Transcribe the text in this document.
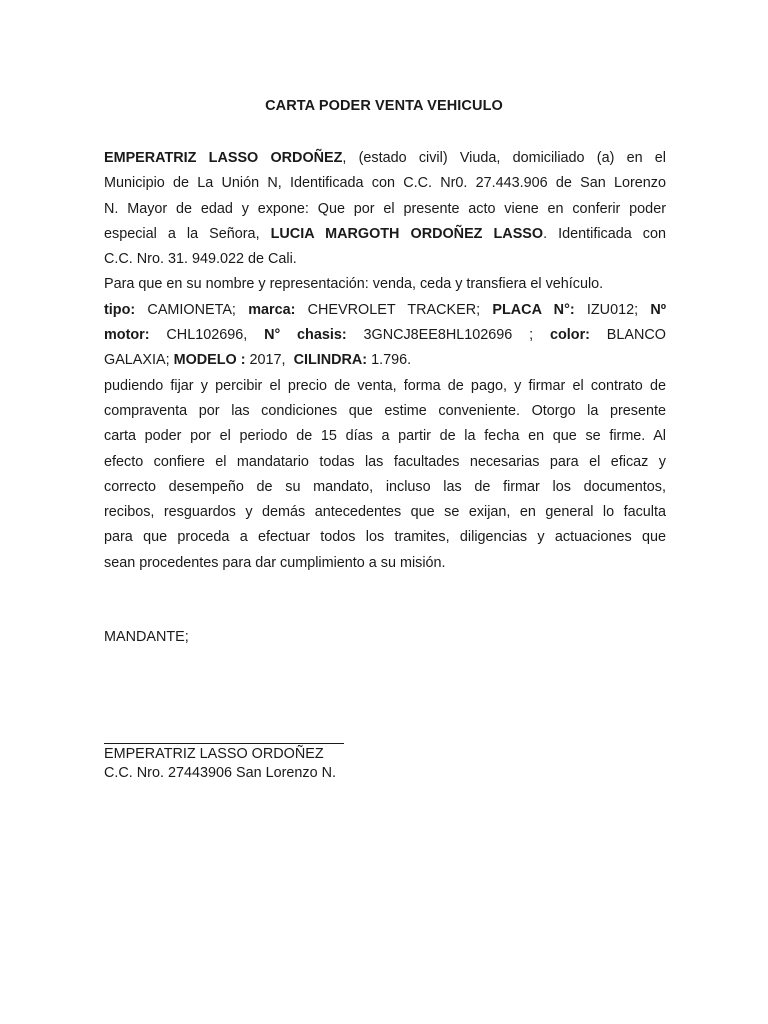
CARTA PODER VENTA VEHICULO
EMPERATRIZ LASSO ORDOÑEZ, (estado civil) Viuda, domiciliado (a) en el
Municipio de La Unión N, Identificada con C.C. Nr0. 27.443.906 de San Lorenzo
N. Mayor de edad y expone: Que por el presente acto viene en conferir poder
especial a la Señora, LUCIA MARGOTH ORDOÑEZ LASSO. Identificada con
C.C. Nro. 31. 949.022 de Cali.
Para que en su nombre y representación: venda, ceda y transfiera el vehículo.
tipo: CAMIONETA; marca: CHEVROLET TRACKER; PLACA N°: IZU012; Nº
motor: CHL102696, N° chasis: 3GNCJ8EE8HL102696 ; color: BLANCO
GALAXIA; MODELO : 2017,  CILINDRA: 1.796.
pudiendo fijar y percibir el precio de venta, forma de pago, y firmar el contrato de
compraventa por las condiciones que estime conveniente. Otorgo la presente
carta poder por el periodo de 15 días a partir de la fecha en que se firme. Al
efecto confiere el mandatario todas las facultades necesarias para el eficaz y
correcto desempeño de su mandato, incluso las de firmar los documentos,
recibos, resguardos y demás antecedentes que se exijan, en general lo faculta
para que proceda a efectuar todos los tramites, diligencias y actuaciones que
sean procedentes para dar cumplimiento a su misión.
MANDANTE;
EMPERATRIZ LASSO ORDOÑEZ
C.C. Nro. 27443906 San Lorenzo N.
